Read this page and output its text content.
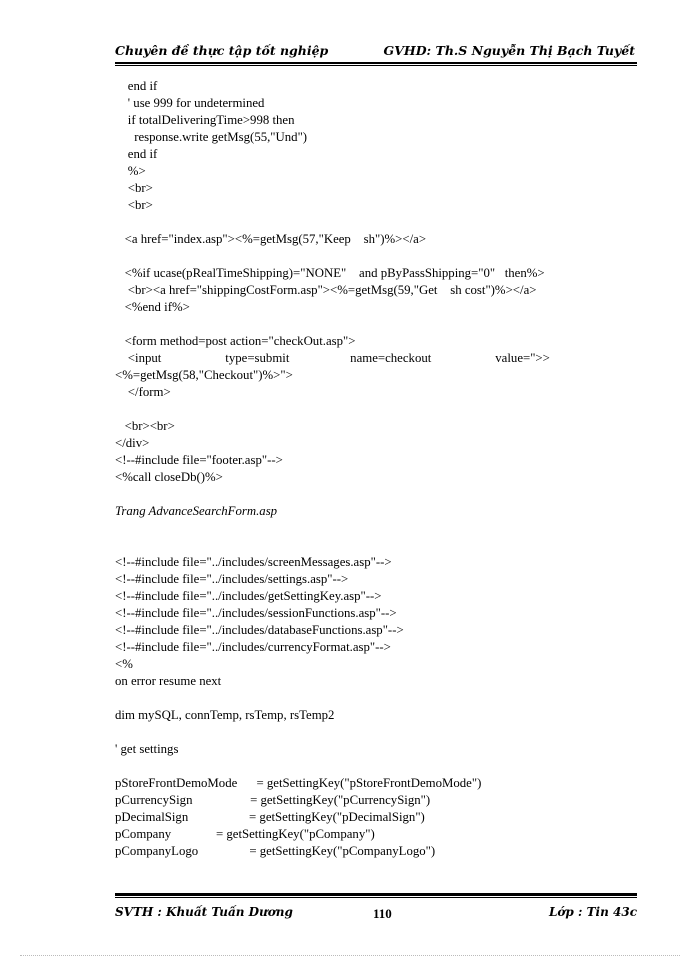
Chuyên đề thực tập tốt nghiệp	GVHD: Th.S Nguyễn Thị Bạch Tuyết
end if
' use 999 for undetermined
if totalDeliveringTime>998 then
response.write getMsg(55,"Und")
end if
%>
<br>
<br>
<a href="index.asp"><%=getMsg(57,"Keep    sh")%></a>
<%if ucase(pRealTimeShipping)="NONE"    and pByPassShipping="0"   then%>
<br><a href="shippingCostForm.asp"><%=getMsg(59,"Get    sh cost")%></a>
<%end if%>
<form method=post action="checkOut.asp">
<input                    type=submit                   name=checkout                    value=">>
<%=getMsg(58,"Checkout")%>">
</form>
<br><br>
</div>
<!--#include file="footer.asp"-->
<%call closeDb()%>
Trang AdvanceSearchForm.asp
<!--#include file="../includes/screenMessages.asp"-->
<!--#include file="../includes/settings.asp"-->
<!--#include file="../includes/getSettingKey.asp"-->
<!--#include file="../includes/sessionFunctions.asp"-->
<!--#include file="../includes/databaseFunctions.asp"-->
<!--#include file="../includes/currencyFormat.asp"-->
<%
on error resume next
dim mySQL, connTemp, rsTemp, rsTemp2
' get settings
pStoreFrontDemoMode      = getSettingKey("pStoreFrontDemoMode")
pCurrencySign                  = getSettingKey("pCurrencySign")
pDecimalSign                   = getSettingKey("pDecimalSign")
pCompany              = getSettingKey("pCompany")
pCompanyLogo                = getSettingKey("pCompanyLogo")
SVTH : Khuất Tuấn Dương	110	Lớp : Tin 43c
